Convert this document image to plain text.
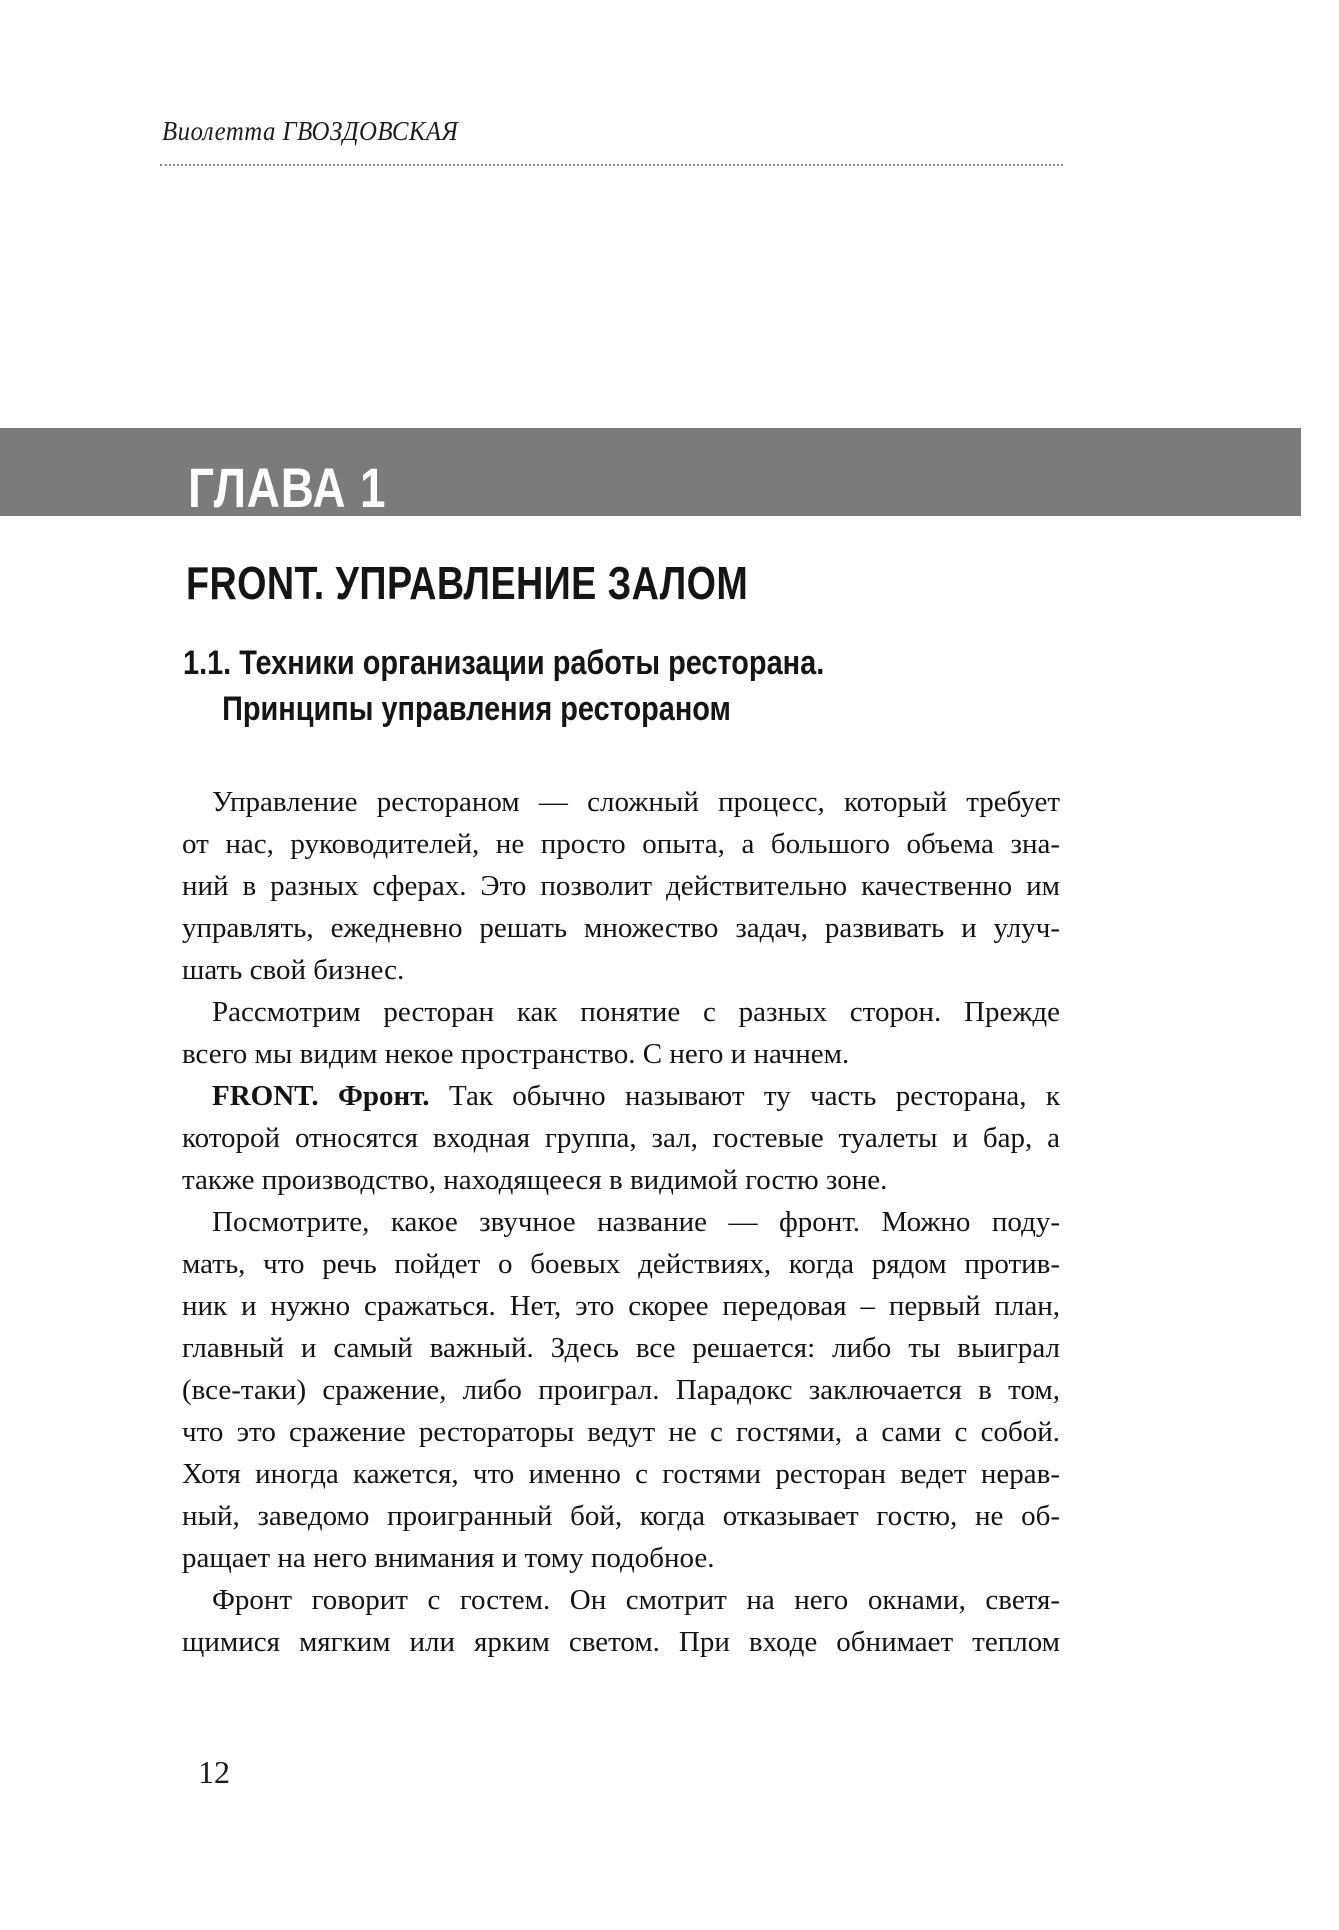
Виолетта ГВОЗДОВСКАЯ
ГЛАВА 1
FRONT. УПРАВЛЕНИЕ ЗАЛОМ
1.1. Техники организации работы ресторана.
Принципы управления рестораном
Управление рестораном — сложный процесс, который требует
от нас, руководителей, не просто опыта, а большого объема зна-
ний в разных сферах. Это позволит действительно качественно им
управлять, ежедневно решать множество задач, развивать и улуч-
шать свой бизнес.
Рассмотрим ресторан как понятие с разных сторон. Прежде
всего мы видим некое пространство. С него и начнем.
FRONT. Фронт. Так обычно называют ту часть ресторана, к
которой относятся входная группа, зал, гостевые туалеты и бар, а
также производство, находящееся в видимой гостю зоне.
Посмотрите, какое звучное название — фронт. Можно поду-
мать, что речь пойдет о боевых действиях, когда рядом против-
ник и нужно сражаться. Нет, это скорее передовая – первый план,
главный и самый важный. Здесь все решается: либо ты выиграл
(все-таки) сражение, либо проиграл. Парадокс заключается в том,
что это сражение рестораторы ведут не с гостями, а сами с собой.
Хотя иногда кажется, что именно с гостями ресторан ведет нерав-
ный, заведомо проигранный бой, когда отказывает гостю, не об-
ращает на него внимания и тому подобное.
Фронт говорит с гостем. Он смотрит на него окнами, светя-
щимися мягким или ярким светом. При входе обнимает теплом
12
